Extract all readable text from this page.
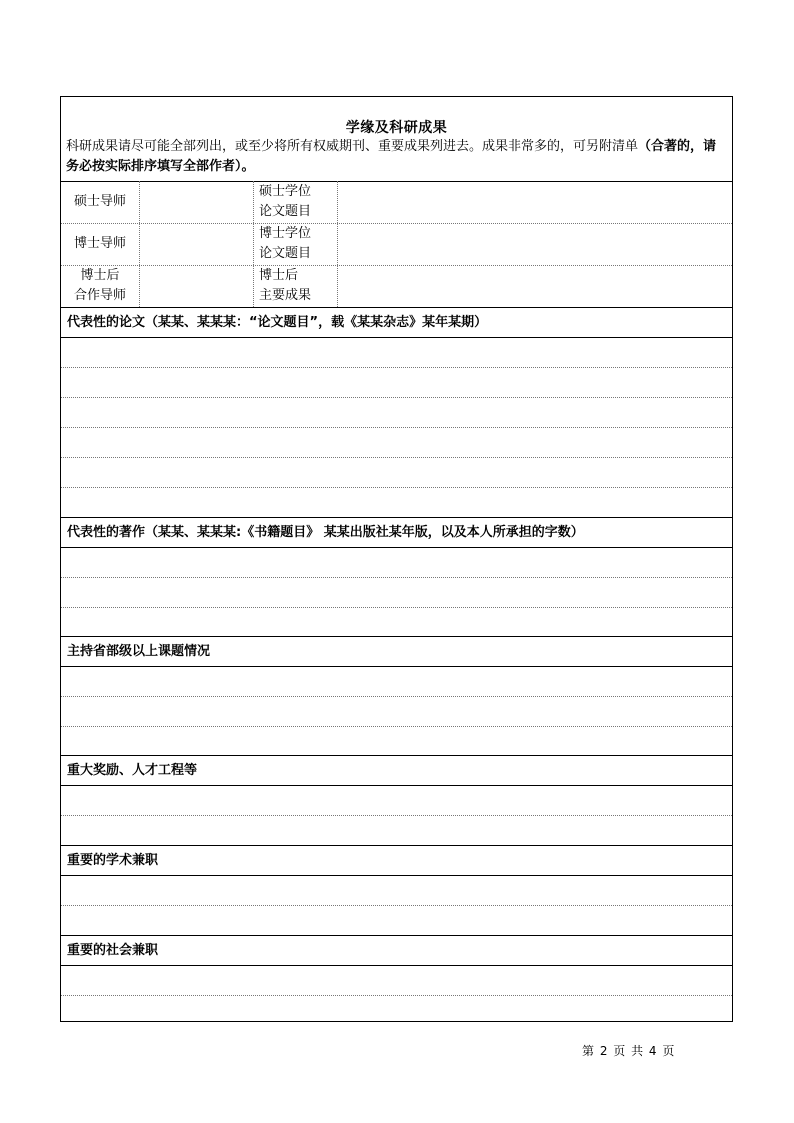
学缘及科研成果
科研成果请尽可能全部列出，或至少将所有权威期刊、重要成果列进去。成果非常多的，可另附清单（合著的，请务必按实际排序填写全部作者）。
硕士导师
硕士学位
论文题目
博士导师
博士学位
论文题目
博士后
合作导师
博士后
主要成果
代表性的论文（某某、某某某：“论文题目”，载《某某杂志》某年某期）
代表性的著作（某某、某某某:《书籍题目》 某某出版社某年版，以及本人所承担的字数）
主持省部级以上课题情况
重大奖励、人才工程等
重要的学术兼职
重要的社会兼职
第 2 页 共 4 页
